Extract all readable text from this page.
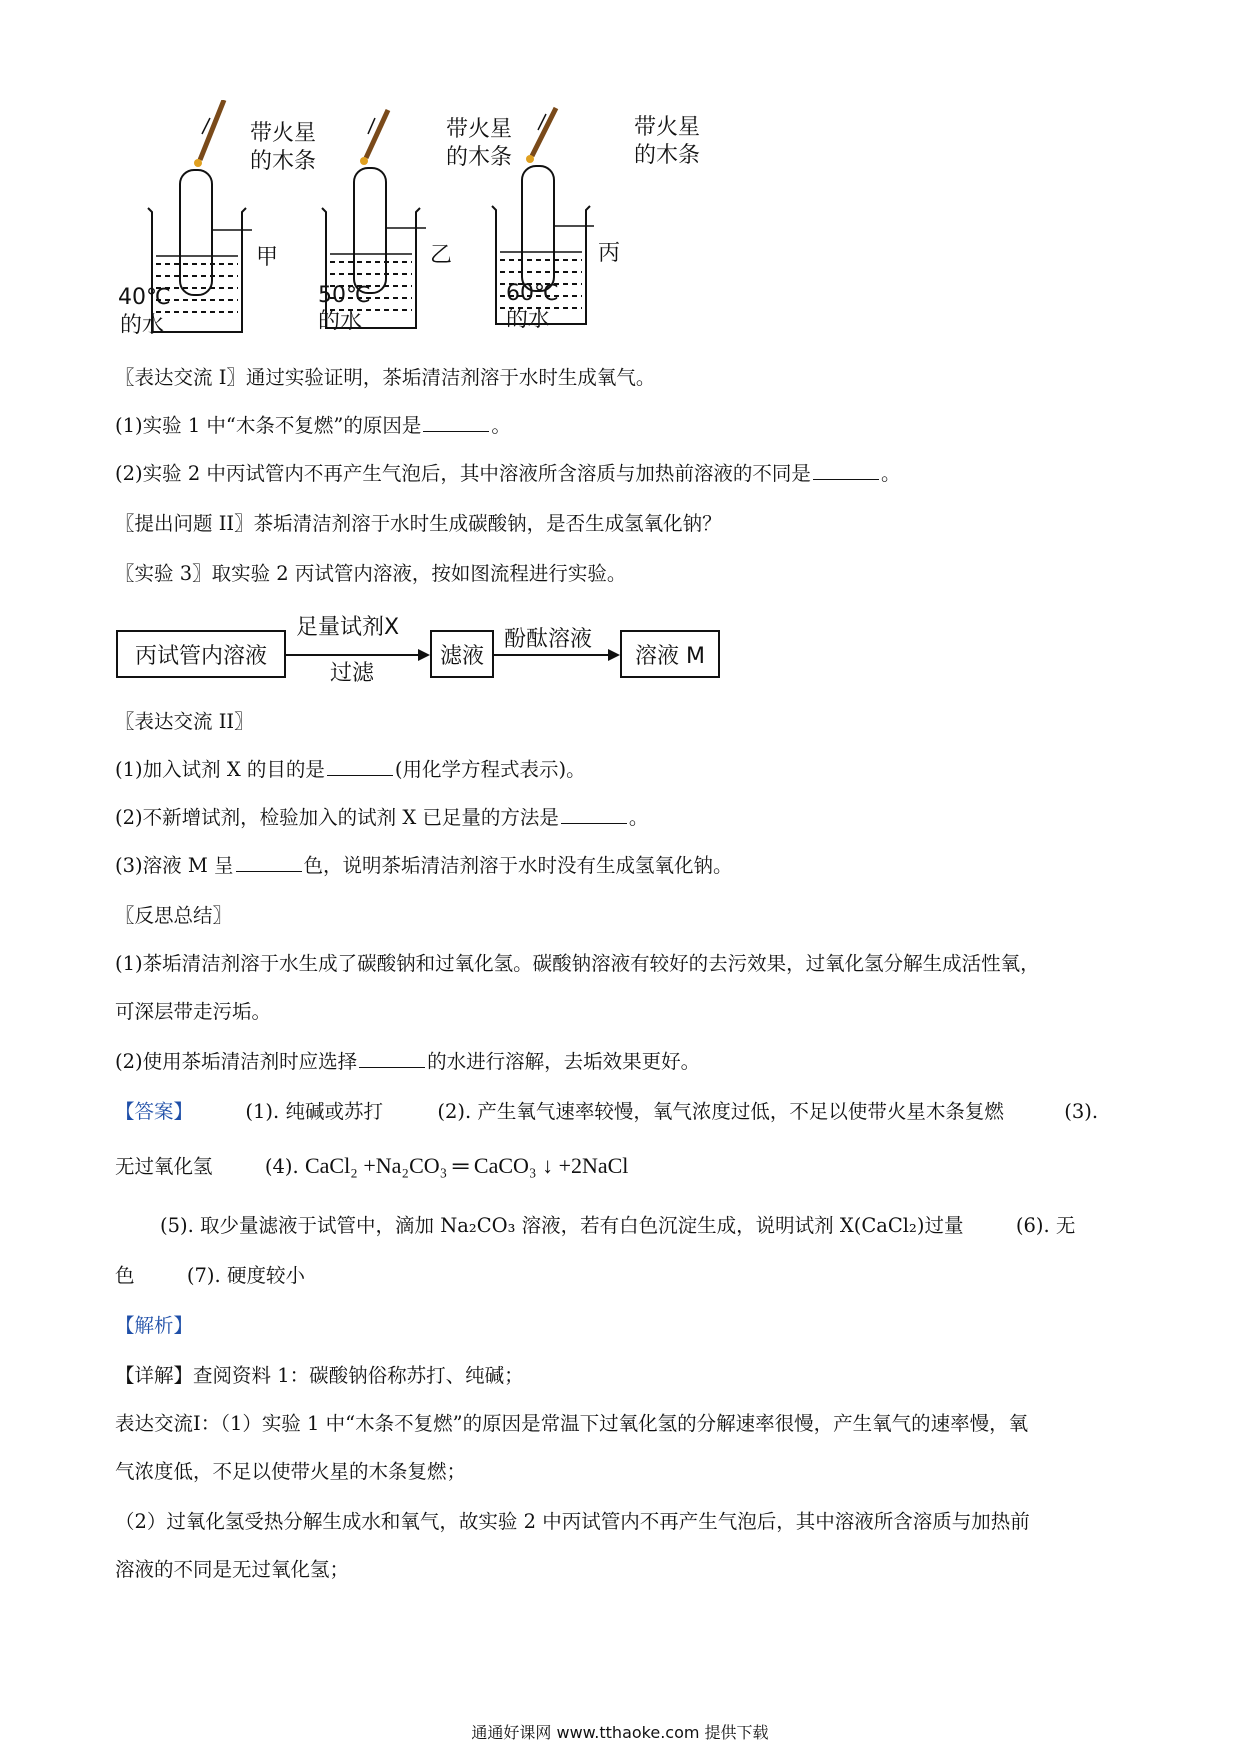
带火星
的木条
带火星
的木条
带火星
的木条
甲	乙	丙
40℃
的水
50℃
的水
60℃
的水
〖表达交流 I〗通过实验证明，茶垢清洁剂溶于水时生成氧气。
(1)实验 1 中“木条不复燃”的原因是	。
(2)实验 2 中丙试管内不再产生气泡后，其中溶液所含溶质与加热前溶液的不同是	。
〖提出问题 II〗茶垢清洁剂溶于水时生成碳酸钠，是否生成氢氧化钠？
〖实验 3〗取实验 2 丙试管内溶液，按如图流程进行实验。
丙试管内溶液
足量试剂X
过滤
滤液
酚酞溶液
溶液 M
〖表达交流 II〗
(1)加入试剂 X 的目的是	(用化学方程式表示)。
(2)不新增试剂，检验加入的试剂 X 已足量的方法是	。
(3)溶液 M 呈	色，说明茶垢清洁剂溶于水时没有生成氢氧化钠。
〖反思总结〗
(1)茶垢清洁剂溶于水生成了碳酸钠和过氧化氢。碳酸钠溶液有较好的去污效果，过氧化氢分解生成活性氧，
可深层带走污垢。
(2)使用茶垢清洁剂时应选择	的水进行溶解，去垢效果更好。
【答案】	(1). 纯碱或苏打	(2). 产生氧气速率较慢，氧气浓度过低，不足以使带火星木条复燃	(3).
无过氧化氢	(4). CaCl₂ +Na₂CO₃ ═ CaCO₃ ↓ +2NaCl
(5). 取少量滤液于试管中，滴加 Na₂CO₃ 溶液，若有白色沉淀生成，说明试剂 X(CaCl₂)过量	(6). 无
色	(7). 硬度较小
【解析】
【详解】查阅资料 1：碳酸钠俗称苏打、纯碱；
表达交流I：（1）实验 1 中“木条不复燃”的原因是常温下过氧化氢的分解速率很慢，产生氧气的速率慢，氧
气浓度低，不足以使带火星的木条复燃；
（2）过氧化氢受热分解生成水和氧气，故实验 2 中丙试管内不再产生气泡后，其中溶液所含溶质与加热前
溶液的不同是无过氧化氢；
通通好课网 www.tthaoke.com 提供下载
